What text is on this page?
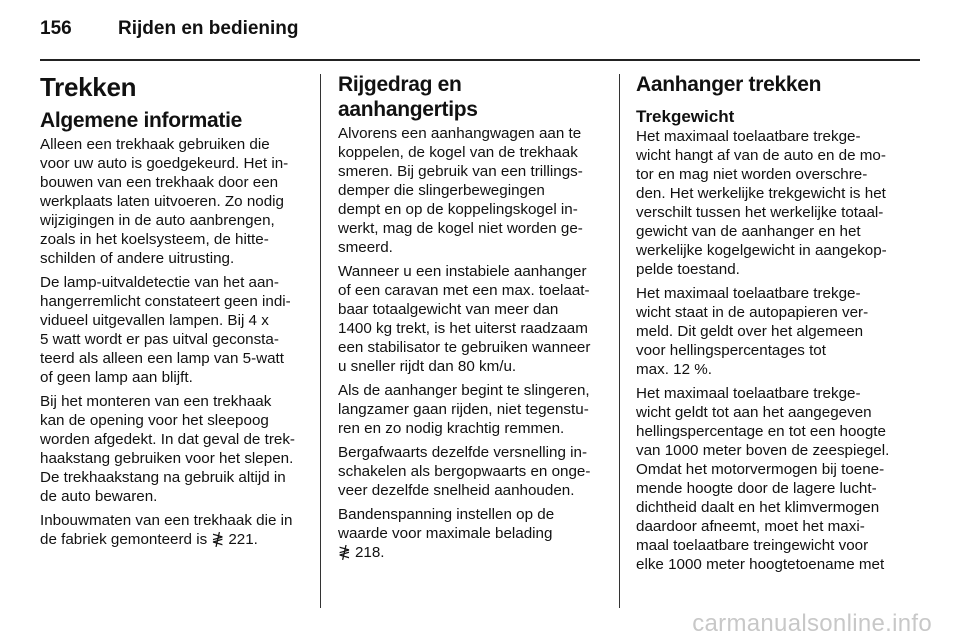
156 Rijden en bediening
Trekken
Algemene informatie

Alleen een trekhaak gebruiken die
voor uw auto is goedgekeurd. Het in-
bouwen van een trekhaak door een
werkplaats laten uitvoeren. Zo nodig
wijzigingen in de auto aanbrengen,
zoals in het koelsysteem, de hitte-
schilden of andere uitrusting.

De lamp-uitvaldetectie van het aan-
hangerremlicht constateert geen indi-
vidueel uitgevallen lampen. Bij 4 x
5 watt wordt er pas uitval geconsta-
teerd als alleen een lamp van 5-watt
of geen lamp aan blijft.

Bij het monteren van een trekhaak
kan de opening voor het sleepoog
worden afgedekt. In dat geval de trek-
haakstang gebruiken voor het slepen.
De trekhaakstang na gebruik altijd in
de auto bewaren.

Inbouwmaten van een trekhaak die in
de fabriek gemonteerd is ≹ 221.

Rijgedrag en
aanhangertips

Alvorens een aanhangwagen aan te
koppelen, de kogel van de trekhaak
smeren. Bij gebruik van een trillings-
demper die slingerbewegingen
dempt en op de koppelingskogel in-
werkt, mag de kogel niet worden ge-
smeerd.

Wanneer u een instabiele aanhanger
of een caravan met een max. toelaat-
baar totaalgewicht van meer dan
1400 kg trekt, is het uiterst raadzaam
een stabilisator te gebruiken wanneer
u sneller rijdt dan 80 km/u.

Als de aanhanger begint te slingeren,
langzamer gaan rijden, niet tegenstu-
ren en zo nodig krachtig remmen.

Bergafwaarts dezelfde versnelling in-
schakelen als bergopwaarts en onge-
veer dezelfde snelheid aanhouden.

Bandenspanning instellen op de
waarde voor maximale belading
≹ 218.

Aanhanger trekken
Trekgewicht

Het maximaal toelaatbare trekge-
wicht hangt af van de auto en de mo-
tor en mag niet worden overschre-
den. Het werkelijke trekgewicht is het
verschilt tussen het werkelijke totaal-
gewicht van de aanhanger en het
werkelijke kogelgewicht in aangekop-
pelde toestand.

Het maximaal toelaatbare trekge-
wicht staat in de autopapieren ver-
meld. Dit geldt over het algemeen
voor hellingspercentages tot
max. 12 %.

Het maximaal toelaatbare trekge-
wicht geldt tot aan het aangegeven
hellingspercentage en tot een hoogte
van 1000 meter boven de zeespiegel.
Omdat het motorvermogen bij toene-
mende hoogte door de lagere lucht-
dichtheid daalt en het klimvermogen
daardoor afneemt, moet het maxi-
maal toelaatbare treingewicht voor
elke 1000 meter hoogtetoename met

carmanualsonline.info
